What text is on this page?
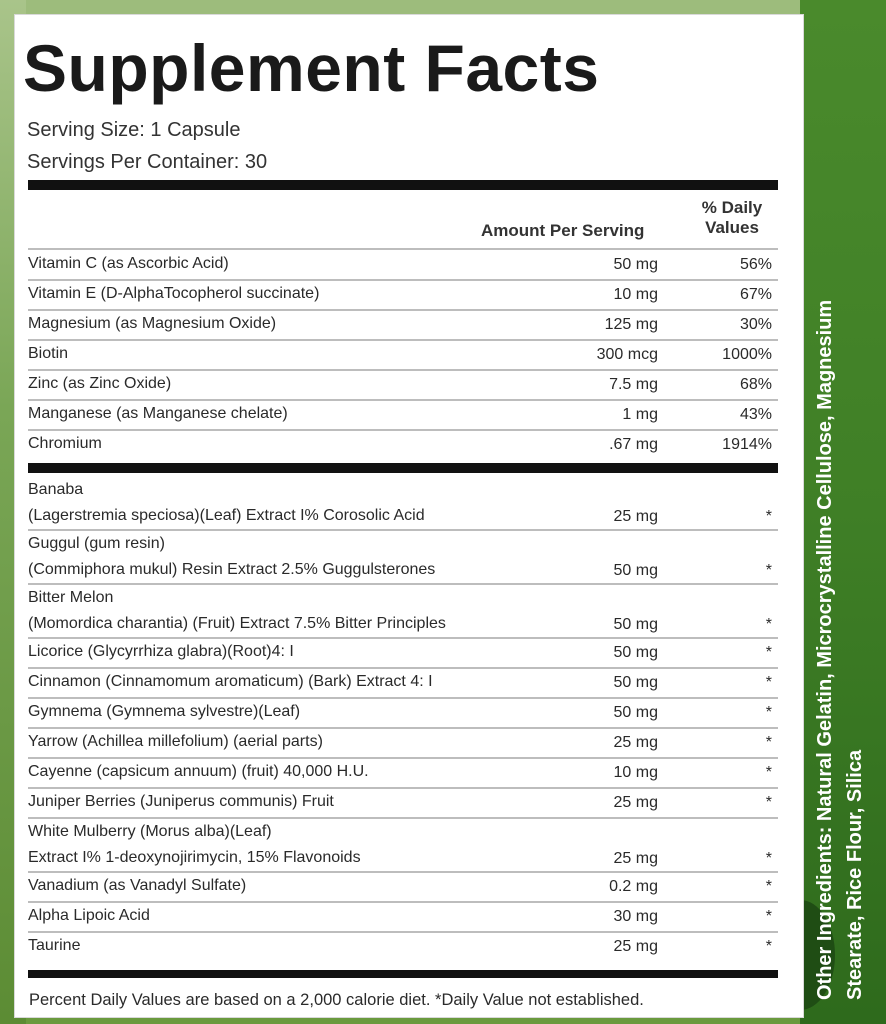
Other Ingredients: Natural Gelatin, Microcrystalline Cellulose, Magnesium
Stearate, Rice Flour, Silica
Supplement Facts
Serving Size: 1 Capsule
Servings Per Container: 30
Amount Per Serving
% Daily
Values
Percent Daily Values are based on a 2,000 calorie diet. *Daily Value not established.
Vitamin C (as Ascorbic Acid)	50 mg	56%
Vitamin E (D-AlphaTocopherol succinate)	10 mg	67%
Magnesium (as Magnesium Oxide)	125 mg	30%
Biotin	300 mcg	1000%
Zinc (as Zinc Oxide)	7.5 mg	68%
Manganese (as Manganese chelate)	1 mg	43%
Chromium	.67 mg	1914%
Banaba
(Lagerstremia speciosa)(Leaf) Extract I% Corosolic Acid	25 mg	*
Guggul (gum resin)
(Commiphora mukul) Resin Extract 2.5% Guggulsterones	50 mg	*
Bitter Melon
(Momordica charantia) (Fruit) Extract 7.5% Bitter Principles	50 mg	*
Licorice (Glycyrrhiza glabra)(Root)4: I	50 mg	*
Cinnamon (Cinnamomum aromaticum) (Bark) Extract 4: I	50 mg	*
Gymnema (Gymnema sylvestre)(Leaf)	50 mg	*
Yarrow (Achillea millefolium) (aerial parts)	25 mg	*
Cayenne (capsicum annuum) (fruit) 40,000 H.U.	10 mg	*
Juniper Berries (Juniperus communis) Fruit	25 mg	*
White Mulberry (Morus alba)(Leaf)
Extract I% 1-deoxynojirimycin, 15% Flavonoids	25 mg	*
Vanadium (as Vanadyl Sulfate)	0.2 mg	*
Alpha Lipoic Acid	30 mg	*
Taurine	25 mg	*
